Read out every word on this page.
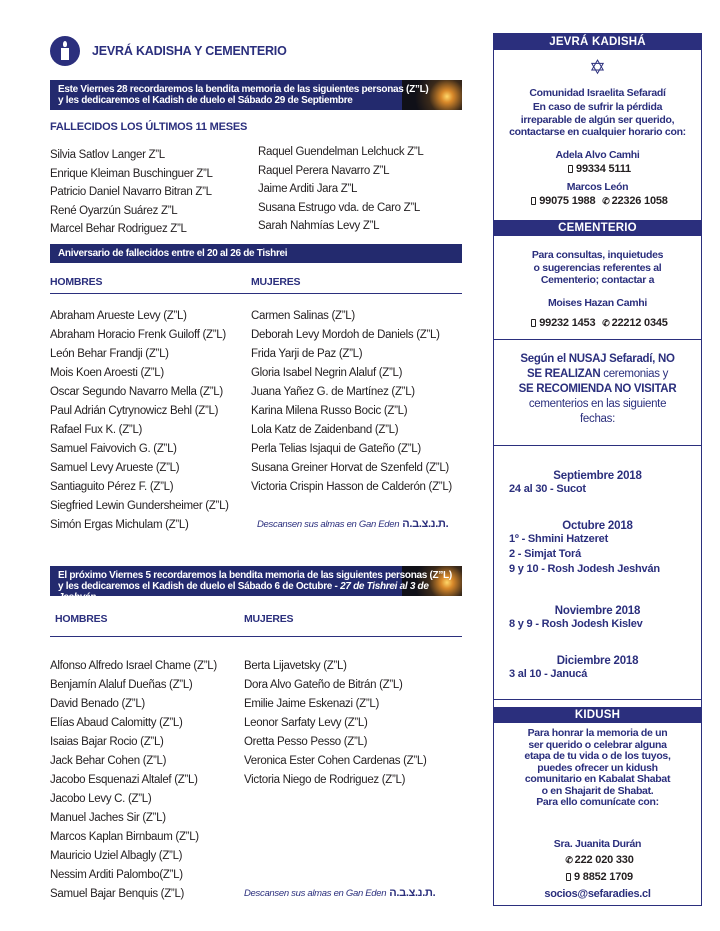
JEVRÁ KADISHA Y CEMENTERIO
Este Viernes 28 recordaremos la bendita memoria de las siguientes personas (Z”L)
y les dedicaremos el Kadish de duelo el Sábado 29 de Septiembre
FALLECIDOS LOS ÚLTIMOS 11 MESES
Silvia Satlov Langer Z”L
Enrique Kleiman Buschinguer Z”L
Patricio Daniel Navarro Bitran Z”L
René Oyarzún Suárez Z”L
Marcel Behar Rodriguez Z”L
Raquel Guendelman Lelchuck Z”L
Raquel Perera Navarro Z”L
Jaime Arditi Jara Z”L
Susana Estrugo vda. de Caro Z”L
Sarah Nahmías Levy Z”L
Aniversario de fallecidos entre el 20 al 26 de Tishrei
HOMBRES	MUJERES
Abraham Arueste Levy (Z”L)
Abraham Horacio Frenk Guiloff (Z”L)
León Behar Frandji (Z”L)
Mois Koen Aroesti (Z”L)
Oscar Segundo Navarro Mella (Z”L)
Paul Adrián Cytrynowicz Behl (Z”L)
Rafael Fux K. (Z”L)
Samuel Faivovich G. (Z”L)
Samuel Levy Arueste (Z”L)
Santiaguito Pérez F. (Z”L)
Siegfried Lewin Gundersheimer (Z”L)
Simón Ergas Michulam (Z”L)
Carmen Salinas (Z”L)
Deborah Levy Mordoh de Daniels (Z”L)
Frida Yarji de Paz (Z”L)
Gloria Isabel Negrin Alaluf (Z”L)
Juana Yañez G. de Martínez (Z”L)
Karina Milena Russo Bocic (Z”L)
Lola Katz de Zaidenband (Z”L)
Perla Telias Isjaqui de Gateño (Z”L)
Susana Greiner Horvat de Szenfeld (Z”L)
Victoria Crispin Hasson de Calderón (Z”L)
Descansen sus almas en Gan Eden ת.נ.צ.ב.ה.
El próximo Viernes 5 recordaremos la bendita memoria de las siguientes personas (Z”L)
y les dedicaremos el Kadish de duelo el Sábado 6 de Octubre - 27 de Tishrei al 3 de Jeshván
HOMBRES	MUJERES
Alfonso Alfredo Israel Chame (Z”L)
Benjamín Alaluf Dueñas (Z”L)
David Benado (Z”L)
Elías Abaud Calomitty (Z”L)
Isaias Bajar Rocio (Z”L)
Jack Behar Cohen (Z”L)
Jacobo Esquenazi Altalef (Z”L)
Jacobo Levy C. (Z”L)
Manuel Jaches Sir (Z”L)
Marcos Kaplan Birnbaum (Z”L)
Mauricio Uziel Albagly (Z”L)
Nessim Arditi Palombo(Z”L)
Samuel Bajar Benquis (Z”L)
Berta Lijavetsky (Z”L)
Dora Alvo Gateño de Bitrán (Z”L)
Emilie Jaime Eskenazi (Z”L)
Leonor Sarfaty Levy (Z”L)
Oretta Pesso Pesso (Z”L)
Veronica Ester Cohen Cardenas (Z”L)
Victoria Niego de Rodriguez (Z”L)
Descansen sus almas en Gan Eden ת.נ.צ.ב.ה.
JEVRÁ KADISHÁ
✡
Comunidad Israelita Sefaradí
En caso de sufrir la pérdida
irreparable de algún ser querido,
contactarse en cualquier horario con:
Adela Alvo Camhi
99334 5111
Marcos León
99075 1988 ✆ 22326 1058
CEMENTERIO
Para consultas, inquietudes
o sugerencias referentes al
Cementerio; contactar a
Moises Hazan Camhi
99232 1453 ✆ 22212 0345
Según el NUSAJ Sefaradí, NO
SE REALIZAN ceremonias y
SE RECOMIENDA NO VISITAR
cementerios en las siguiente
fechas:
Septiembre 2018
24 al 30 - Sucot
Octubre 2018
1º - Shmini Hatzeret
2 - Simjat Torá
9 y 10 - Rosh Jodesh Jeshván
Noviembre 2018
8 y 9 - Rosh Jodesh Kislev
Diciembre 2018
3 al 10 - Janucá
KIDUSH
Para honrar la memoria de un
ser querido o celebrar alguna
etapa de tu vida o de los tuyos,
puedes ofrecer un kidush
comunitario en Kabalat Shabat
o en Shajarit de Shabat.
Para ello comunícate con:
Sra. Juanita Durán
✆ 222 020 330
9 8852 1709
socios@sefaradies.cl
